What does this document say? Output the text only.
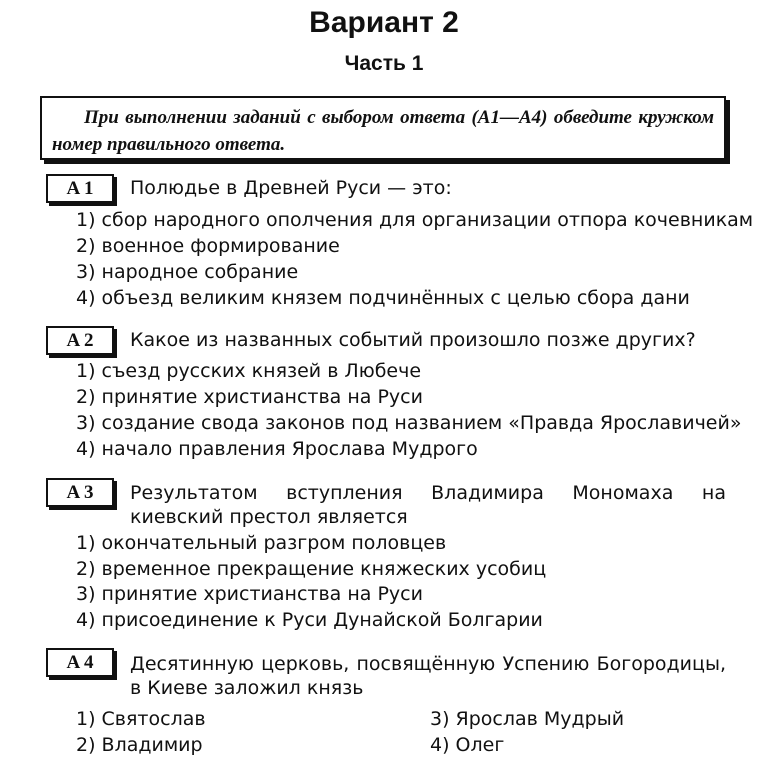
Вариант 2
Часть 1
При выполнении заданий с выбором ответа (A1—A4) обведите кружком номер правильного ответа.
A 1	Полюдье в Древней Руси — это:
1) сбор народного ополчения для организации отпора кочевникам
2) военное формирование
3) народное собрание
4) объезд великим князем подчинённых с целью сбора дани
A 2	Какое из названных событий произошло позже других?
1) съезд русских князей в Любече
2) принятие христианства на Руси
3) создание свода законов под названием «Правда Ярославичей»
4) начало правления Ярослава Мудрого
A 3	Результатом вступления Владимира Мономаха на киевский престол является
1) окончательный разгром половцев
2) временное прекращение княжеских усобиц
3) принятие христианства на Руси
4) присоединение к Руси Дунайской Болгарии
A 4	Десятинную церковь, посвящённую Успению Богородицы, в Киеве заложил князь
1) Святослав
2) Владимир
3) Ярослав Мудрый
4) Олег
